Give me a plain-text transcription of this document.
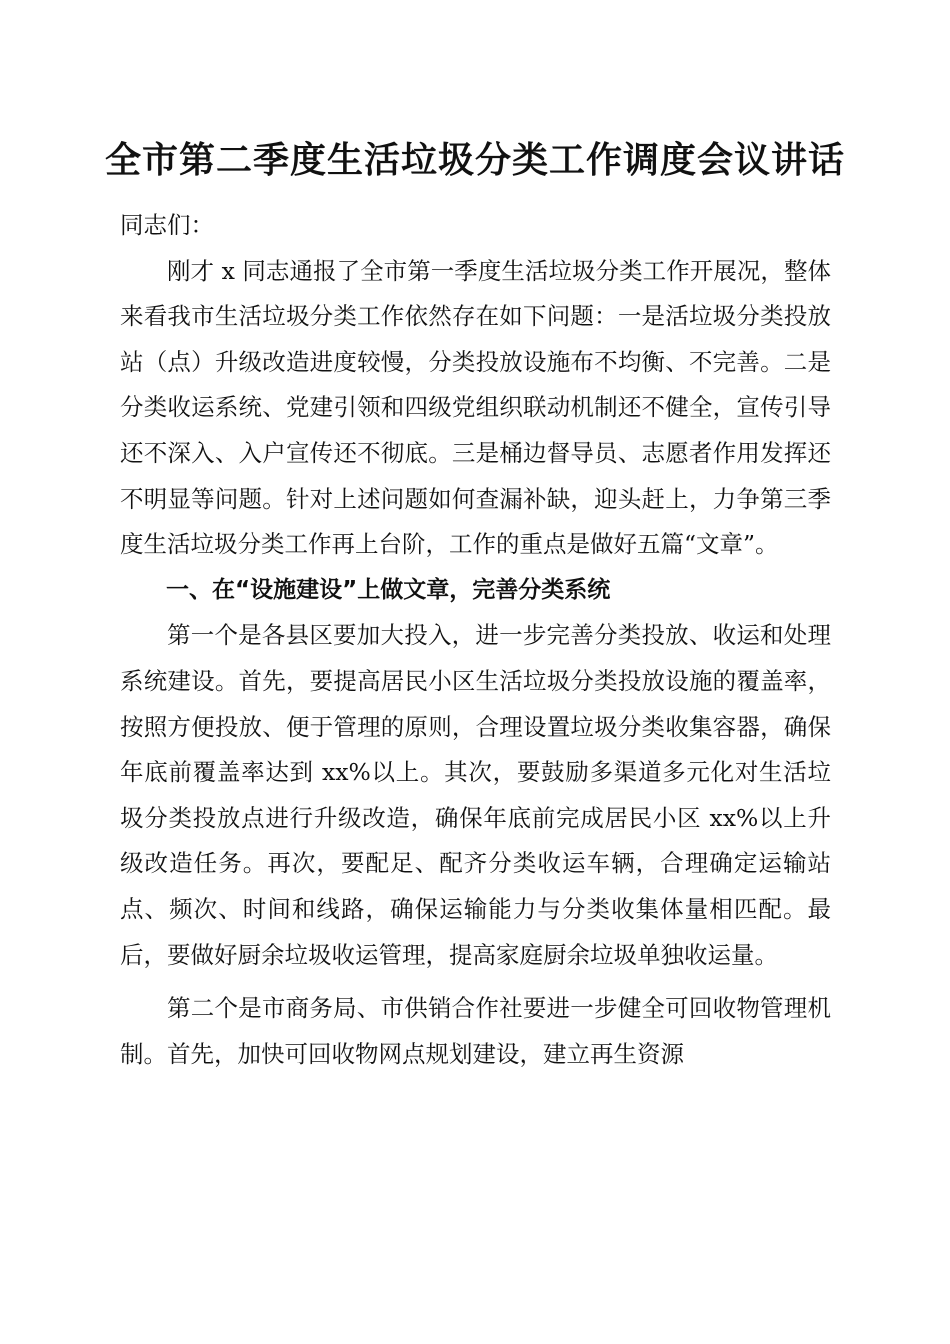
全市第二季度生活垃圾分类工作调度会议讲话

同志们：

刚才 x 同志通报了全市第一季度生活垃圾分类工作开展况，整体来看我市生活垃圾分类工作依然存在如下问题：一是活垃圾分类投放站（点）升级改造进度较慢，分类投放设施布不均衡、不完善。二是分类收运系统、党建引领和四级党组织联动机制还不健全，宣传引导还不深入、入户宣传还不彻底。三是桶边督导员、志愿者作用发挥还不明显等问题。针对上述问题如何查漏补缺，迎头赶上，力争第三季度生活垃圾分类工作再上台阶，工作的重点是做好五篇“文章”。

一、在“设施建设”上做文章，完善分类系统

第一个是各县区要加大投入，进一步完善分类投放、收运和处理系统建设。首先，要提高居民小区生活垃圾分类投放设施的覆盖率，按照方便投放、便于管理的原则，合理设置垃圾分类收集容器，确保年底前覆盖率达到 xx%以上。其次，要鼓励多渠道多元化对生活垃圾分类投放点进行升级改造，确保年底前完成居民小区 xx%以上升级改造任务。再次，要配足、配齐分类收运车辆，合理确定运输站点、频次、时间和线路，确保运输能力与分类收集体量相匹配。最后，要做好厨余垃圾收运管理，提高家庭厨余垃圾单独收运量。

第二个是市商务局、市供销合作社要进一步健全可回收物管理机制。首先，加快可回收物网点规划建设，建立再生资源
